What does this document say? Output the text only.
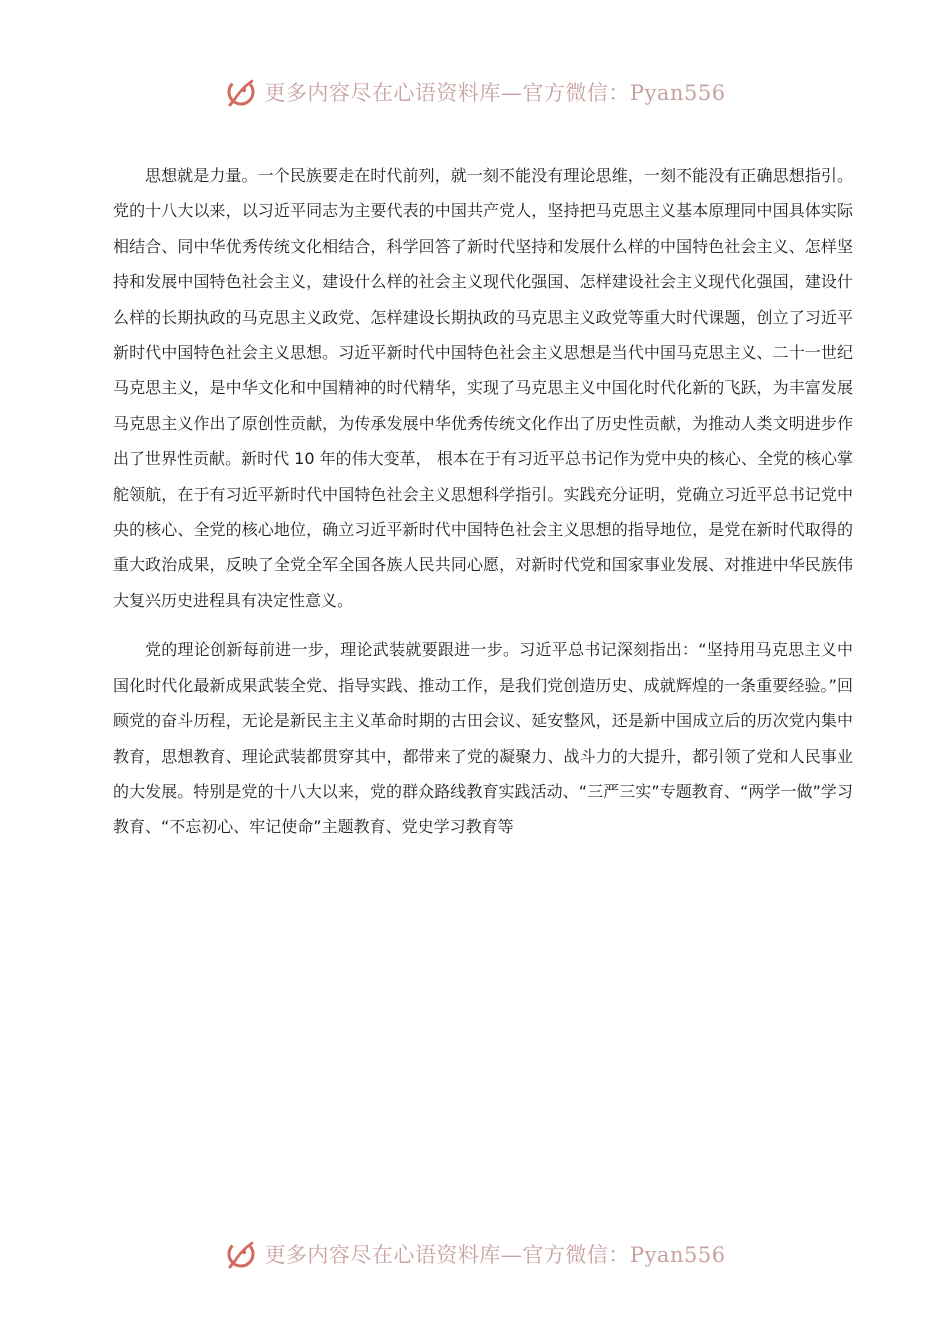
更多内容尽在心语资料库—官方微信：Pyan556

思想就是力量。一个民族要走在时代前列，就一刻不能没有理论思维，一刻不能没有正确思想指引。党的十八大以来，以习近平同志为主要代表的中国共产党人，坚持把马克思主义基本原理同中国具体实际相结合、同中华优秀传统文化相结合，科学回答了新时代坚持和发展什么样的中国特色社会主义、怎样坚持和发展中国特色社会主义，建设什么样的社会主义现代化强国、怎样建设社会主义现代化强国，建设什么样的长期执政的马克思主义政党、怎样建设长期执政的马克思主义政党等重大时代课题，创立了习近平新时代中国特色社会主义思想。习近平新时代中国特色社会主义思想是当代中国马克思主义、二十一世纪马克思主义，是中华文化和中国精神的时代精华，实现了马克思主义中国化时代化新的飞跃，为丰富发展马克思主义作出了原创性贡献，为传承发展中华优秀传统文化作出了历史性贡献，为推动人类文明进步作出了世界性贡献。新时代 10 年的伟大变革， 根本在于有习近平总书记作为党中央的核心、全党的核心掌舵领航，在于有习近平新时代中国特色社会主义思想科学指引。实践充分证明，党确立习近平总书记党中央的核心、全党的核心地位，确立习近平新时代中国特色社会主义思想的指导地位，是党在新时代取得的重大政治成果，反映了全党全军全国各族人民共同心愿，对新时代党和国家事业发展、对推进中华民族伟大复兴历史进程具有决定性意义。

党的理论创新每前进一步，理论武装就要跟进一步。习近平总书记深刻指出：“坚持用马克思主义中国化时代化最新成果武装全党、指导实践、推动工作，是我们党创造历史、成就辉煌的一条重要经验。”回顾党的奋斗历程，无论是新民主主义革命时期的古田会议、延安整风，还是新中国成立后的历次党内集中教育，思想教育、理论武装都贯穿其中，都带来了党的凝聚力、战斗力的大提升，都引领了党和人民事业的大发展。特别是党的十八大以来，党的群众路线教育实践活动、“三严三实”专题教育、“两学一做”学习教育、“不忘初心、牢记使命”主题教育、党史学习教育等

更多内容尽在心语资料库—官方微信：Pyan556
